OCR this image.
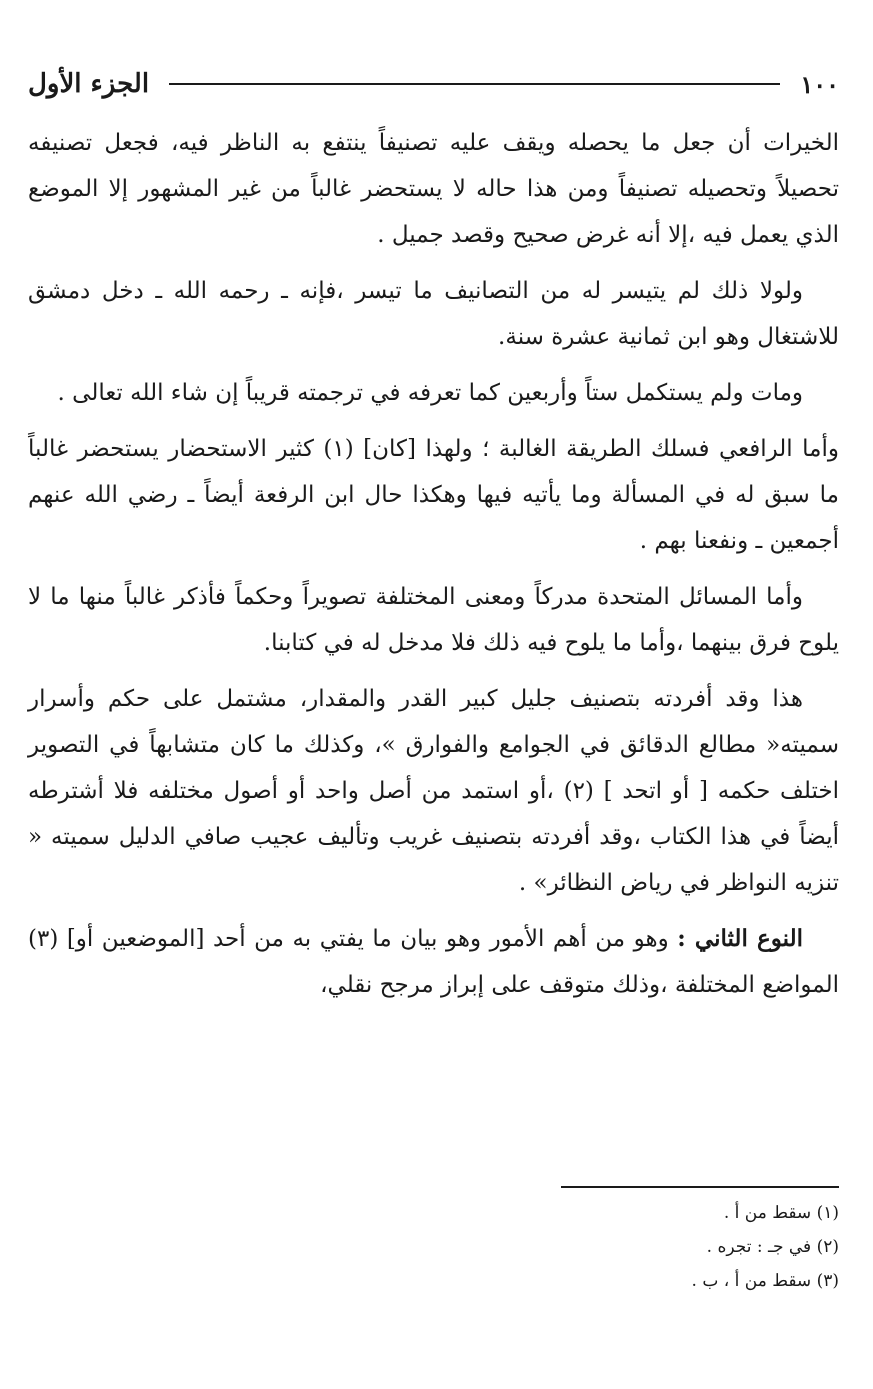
١٠٠
الجزء الأول

الخيرات أن جعل ما يحصله ويقف عليه تصنيفاً ينتفع به الناظر فيه، فجعل تصنيفه تحصيلاً وتحصيله تصنيفاً ومن هذا حاله لا يستحضر غالباً من غير المشهور إلا الموضع الذي يعمل فيه ،إلا أنه غرض صحيح وقصد جميل .

ولولا ذلك لم يتيسر له من التصانيف ما تيسر ،فإنه ـ رحمه الله ـ دخل دمشق للاشتغال وهو ابن ثمانية عشرة سنة.

ومات ولم يستكمل ستاً وأربعين كما تعرفه في ترجمته قريباً إن شاء الله تعالى .

وأما الرافعي فسلك الطريقة الغالبة ؛ ولهذا [كان] (١) كثير الاستحضار يستحضر غالباً ما سبق له في المسألة وما يأتيه فيها وهكذا حال ابن الرفعة أيضاً ـ رضي الله عنهم أجمعين ـ ونفعنا بهم .

وأما المسائل المتحدة مدركاً ومعنى المختلفة تصويراً وحكماً فأذكر غالباً منها ما لا يلوح فرق بينهما ،وأما ما يلوح فيه ذلك فلا مدخل له في كتابنا.

هذا وقد أفردته بتصنيف جليل كبير القدر والمقدار، مشتمل على حكم وأسرار سميته« مطالع الدقائق في الجوامع والفوارق »، وكذلك ما كان متشابهاً في التصوير اختلف حكمه [ أو اتحد ] (٢) ،أو استمد من أصل واحد أو أصول مختلفه فلا أشترطه أيضاً في هذا الكتاب ،وقد أفردته بتصنيف غريب وتأليف عجيب صافي الدليل سميته « تنزيه النواظر في رياض النظائر» .

النوع الثاني : وهو من أهم الأمور وهو بيان ما يفتي به من أحد [الموضعين أو] (٣) المواضع المختلفة ،وذلك متوقف على إبراز مرجح نقلي،

(١) سقط من أ .

(٢) في جـ : تجره .

(٣) سقط من أ ، ب .
